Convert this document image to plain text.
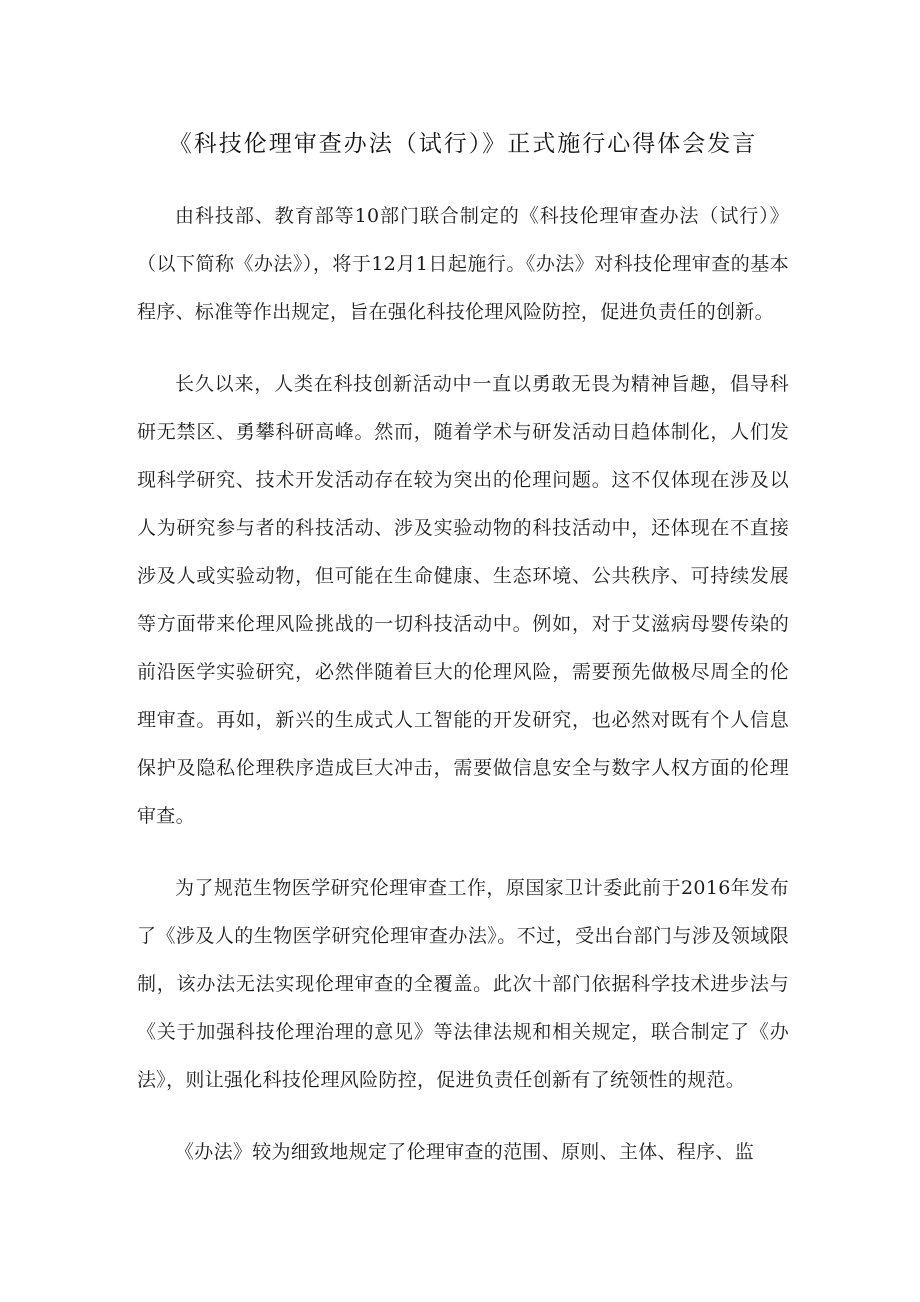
《科技伦理审查办法（试行）》正式施行心得体会发言

由科技部、教育部等10部门联合制定的《科技伦理审查办法（试行）》（以下简称《办法》），将于12月1日起施行。《办法》对科技伦理审查的基本程序、标准等作出规定，旨在强化科技伦理风险防控，促进负责任的创新。

长久以来，人类在科技创新活动中一直以勇敢无畏为精神旨趣，倡导科研无禁区、勇攀科研高峰。然而，随着学术与研发活动日趋体制化，人们发现科学研究、技术开发活动存在较为突出的伦理问题。这不仅体现在涉及以人为研究参与者的科技活动、涉及实验动物的科技活动中，还体现在不直接涉及人或实验动物，但可能在生命健康、生态环境、公共秩序、可持续发展等方面带来伦理风险挑战的一切科技活动中。例如，对于艾滋病母婴传染的前沿医学实验研究，必然伴随着巨大的伦理风险，需要预先做极尽周全的伦理审查。再如，新兴的生成式人工智能的开发研究，也必然对既有个人信息保护及隐私伦理秩序造成巨大冲击，需要做信息安全与数字人权方面的伦理审查。

为了规范生物医学研究伦理审查工作，原国家卫计委此前于2016年发布了《涉及人的生物医学研究伦理审查办法》。不过，受出台部门与涉及领域限制，该办法无法实现伦理审查的全覆盖。此次十部门依据科学技术进步法与《关于加强科技伦理治理的意见》等法律法规和相关规定，联合制定了《办法》，则让强化科技伦理风险防控，促进负责任创新有了统领性的规范。

《办法》较为细致地规定了伦理审查的范围、原则、主体、程序、监
